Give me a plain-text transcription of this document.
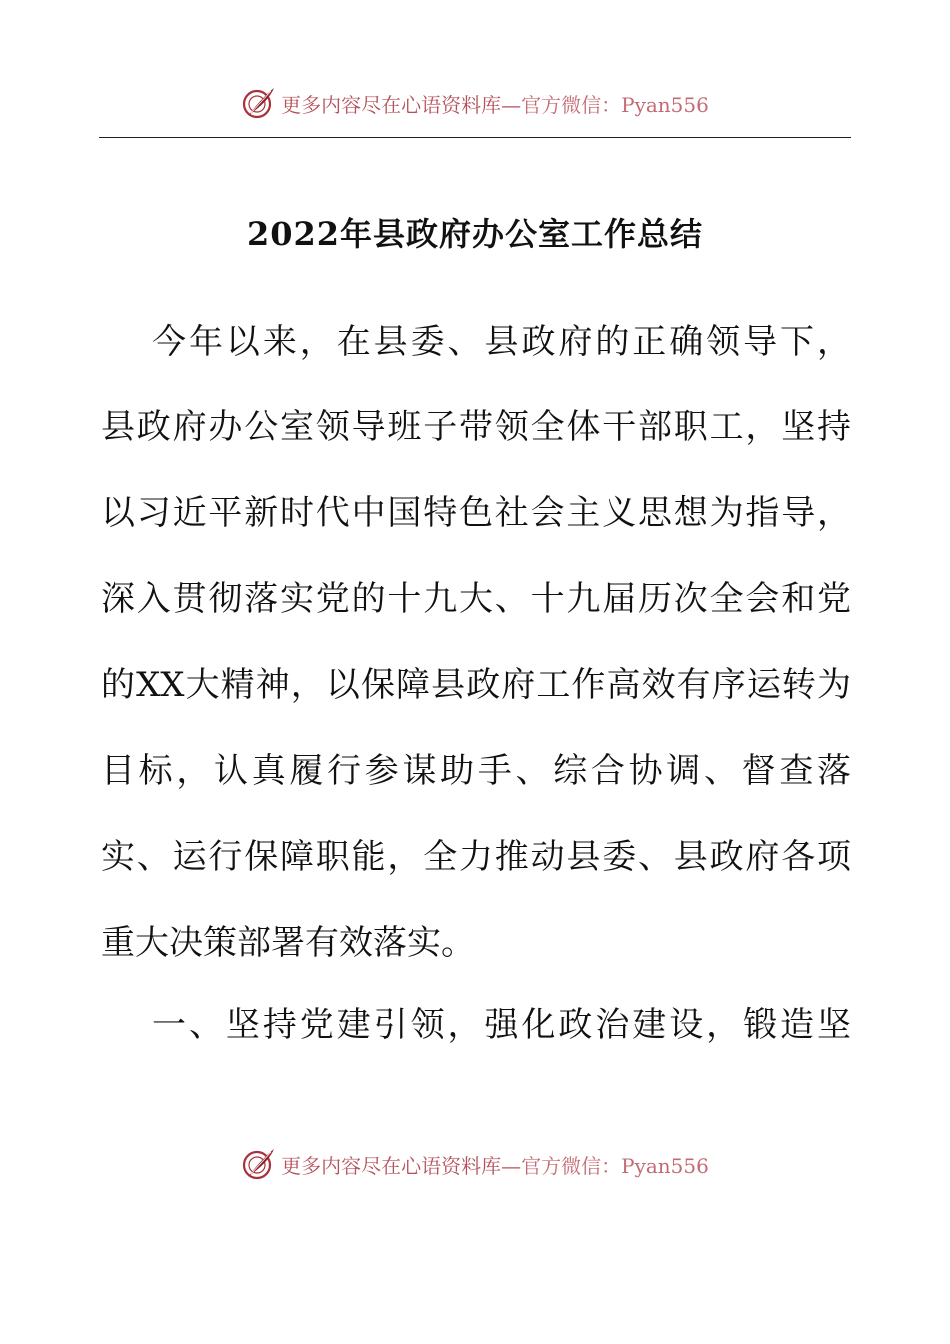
更多内容尽在心语资料库—官方微信：Pyan556
2022年县政府办公室工作总结
今年以来，在县委、县政府的正确领导下，
县政府办公室领导班子带领全体干部职工，坚持
以习近平新时代中国特色社会主义思想为指导，
深入贯彻落实党的十九大、十九届历次全会和党
的XX大精神，以保障县政府工作高效有序运转为
目标，认真履行参谋助手、综合协调、督查落
实、运行保障职能，全力推动县委、县政府各项
重大决策部署有效落实。
一、坚持党建引领，强化政治建设，锻造坚
更多内容尽在心语资料库—官方微信：Pyan556
